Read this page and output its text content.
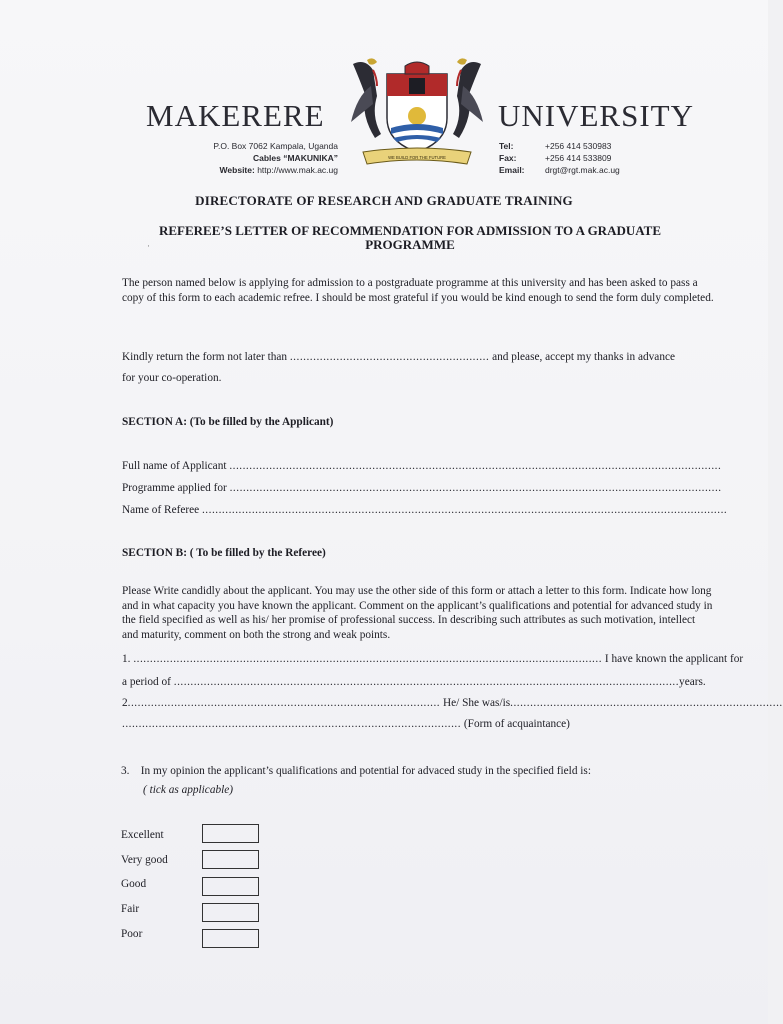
MAKERERE	UNIVERSITY
WE BUILD FOR THE FUTURE
P.O. Box 7062 Kampala, Uganda
Cables “MAKUNIKA”
Website: http://www.mak.ac.ug
Tel:	+256 414 530983
Fax:	+256 414 533809
Email:	drgt@rgt.mak.ac.ug
DIRECTORATE OF RESEARCH AND GRADUATE TRAINING
REFEREE’S LETTER OF RECOMMENDATION FOR ADMISSION TO A GRADUATE PROGRAMME
·
The person named below is applying for admission to a postgraduate programme at this university and has been asked to pass a copy of this form to each academic refree. I should be most grateful if you would be kind enough to send the form duly completed.
Kindly return the form not later than ............................................................ and please, accept my thanks in advance
for your co-operation.
SECTION A: (To be filled by the Applicant)
Full name of Applicant ....................................................................................................................................................
Programme applied for ....................................................................................................................................................
Name of Referee ..............................................................................................................................................................
SECTION B: ( To be filled by the Referee)
Please Write candidly about the applicant. You may use the other side of this form or attach a letter to this form. Indicate how long and in what capacity you have known the applicant. Comment on the applicant’s qualifications and potential for advanced study in the field specified as well as his/ her promise of professional success. In describing such attributes as such motivation, intellect and maturity, comment on both the strong and weak points.
1. ............................................................................................................................................. I have known the applicant for
a period of ........................................................................................................................................................years.
2.............................................................................................. He/ She was/is..................................................................................
...................................................................................................... (Form of acquaintance)
3. In my opinion the applicant’s qualifications and potential for advaced study in the specified field is:
( tick as applicable)
Excellent
Very good
Good
Fair
Poor
